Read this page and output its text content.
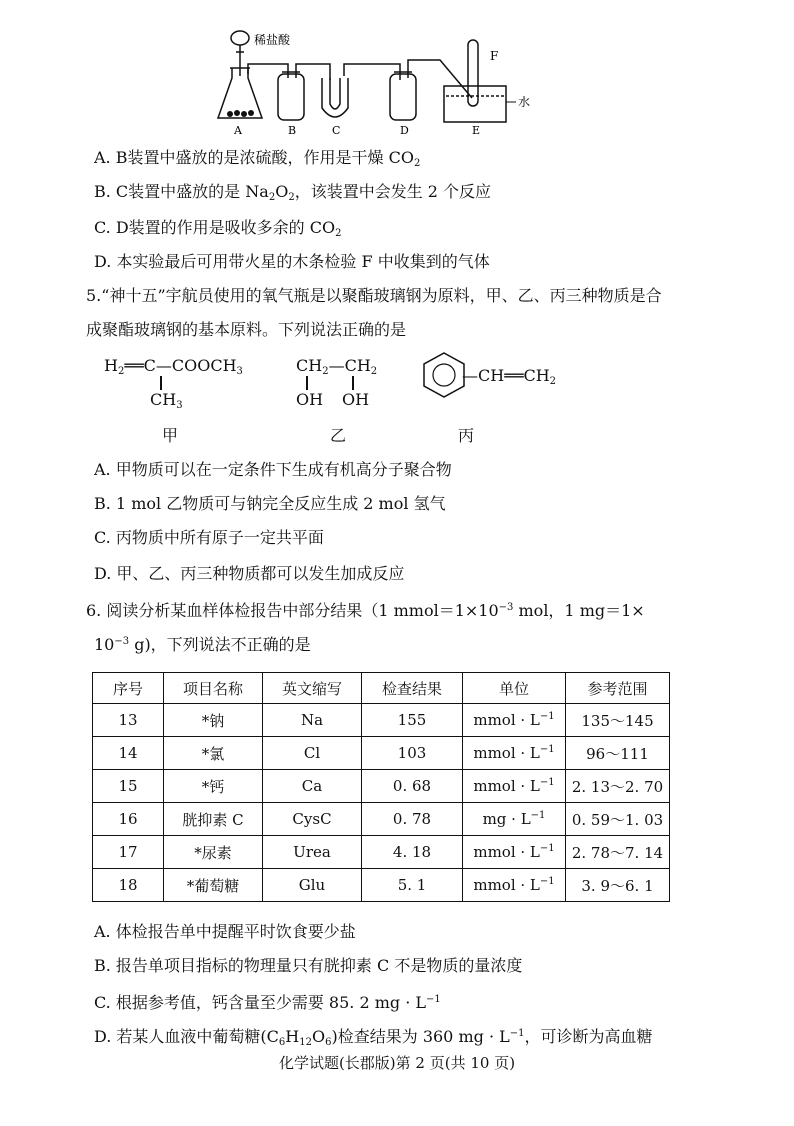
稀盐酸
F
水
A	B	C	D	E
A. B装置中盛放的是浓硫酸，作用是干燥 $CO_2$
B. C装置中盛放的是 $Na_2O_2$，该装置中会发生 2 个反应
C. D装置的作用是吸收多余的 $CO_2$
D. 本实验最后可用带火星的木条检验 F 中收集到的气体
5.“神十五”宇航员使用的氧气瓶是以聚酯玻璃钢为原料，甲、乙、丙三种物质是合
成聚酯玻璃钢的基本原料。下列说法正确的是
$H_2══C—COOCH_3$
$CH_3$
甲
$CH_2—CH_2$
OH OH
乙
$—CH══CH_2$
丙
A. 甲物质可以在一定条件下生成有机高分子聚合物
B. 1 mol 乙物质可与钠完全反应生成 2 mol 氢气
C. 丙物质中所有原子一定共平面
D. 甲、乙、丙三种物质都可以发生加成反应
6. 阅读分析某血样体检报告中部分结果（1 $mmol=1\times 10^{-3}$ mol，1 mg＝1×
$10^{-3}$ g)，下列说法不正确的是
序号	项目名称	英文缩写	检查结果	单位	参考范围
13	*钠	Na	155	mmol · $L^{-1}$	135～145
14	*氯	Cl	103	mmol · $L^{-1}$	96～111
15	*钙	Ca	0. 68	mmol · $L^{-1}$	2. 13～2. 70
16	胱抑素 C	CysC	0. 78	mg · $L^{-1}$	0. 59～1. 03
17	*尿素	Urea	4. 18	mmol · $L^{-1}$	2. 78～7. 14
18	*葡萄糖	Glu	5. 1	mmol · $L^{-1}$	3. 9～6. 1
A. 体检报告单中提醒平时饮食要少盐
B. 报告单项目指标的物理量只有胱抑素 C 不是物质的量浓度
C. 根据参考值，钙含量至少需要 85. 2 mg · $L^{-1}$
D. 若某人血液中葡萄糖$(C_6H_{12}O_6)$检查结果为 360 mg · $L^{-1}$，可诊断为高血糖
化学试题(长郡版)第 2 页(共 10 页)
